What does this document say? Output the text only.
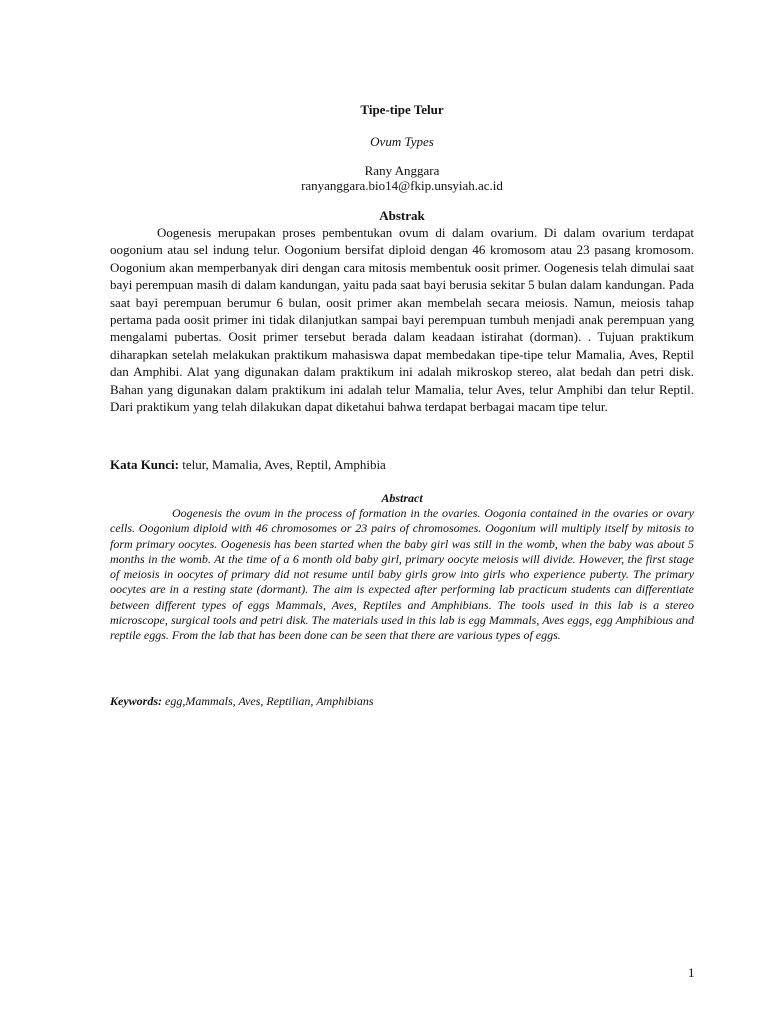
Tipe-tipe Telur
Ovum Types
Rany Anggara
ranyanggara.bio14@fkip.unsyiah.ac.id
Abstrak

Oogenesis merupakan proses pembentukan ovum di dalam ovarium. Di dalam ovarium terdapat oogonium atau sel indung telur. Oogonium bersifat diploid dengan 46 kromosom atau 23 pasang kromosom. Oogonium akan memperbanyak diri dengan cara mitosis membentuk oosit primer. Oogenesis telah dimulai saat bayi perempuan masih di dalam kandungan, yaitu pada saat bayi berusia sekitar 5 bulan dalam kandungan. Pada saat bayi perempuan berumur 6 bulan, oosit primer akan membelah secara meiosis. Namun, meiosis tahap pertama pada oosit primer ini tidak dilanjutkan sampai bayi perempuan tumbuh menjadi anak perempuan yang mengalami pubertas. Oosit primer tersebut berada dalam keadaan istirahat (dorman). . Tujuan praktikum diharapkan setelah melakukan praktikum mahasiswa dapat membedakan tipe-tipe telur Mamalia, Aves, Reptil dan Amphibi. Alat yang digunakan dalam praktikum ini adalah mikroskop stereo, alat bedah dan petri disk. Bahan yang digunakan dalam praktikum ini adalah telur Mamalia, telur Aves, telur Amphibi dan telur Reptil. Dari praktikum yang telah dilakukan dapat diketahui bahwa terdapat berbagai macam tipe telur.

Kata Kunci: telur, Mamalia, Aves, Reptil, Amphibia
Abstract

Oogenesis the ovum in the process of formation in the ovaries. Oogonia contained in the ovaries or ovary cells. Oogonium diploid with 46 chromosomes or 23 pairs of chromosomes. Oogonium will multiply itself by mitosis to form primary oocytes. Oogenesis has been started when the baby girl was still in the womb, when the baby was about 5 months in the womb. At the time of a 6 month old baby girl, primary oocyte meiosis will divide. However, the first stage of meiosis in oocytes of primary did not resume until baby girls grow into girls who experience puberty. The primary oocytes are in a resting state (dormant). The aim is expected after performing lab practicum students can differentiate between different types of eggs Mammals, Aves, Reptiles and Amphibians. The tools used in this lab is a stereo microscope, surgical tools and petri disk. The materials used in this lab is egg Mammals, Aves eggs, egg Amphibious and reptile eggs. From the lab that has been done can be seen that there are various types of eggs.

Keywords: egg,Mammals, Aves, Reptilian, Amphibians
1
